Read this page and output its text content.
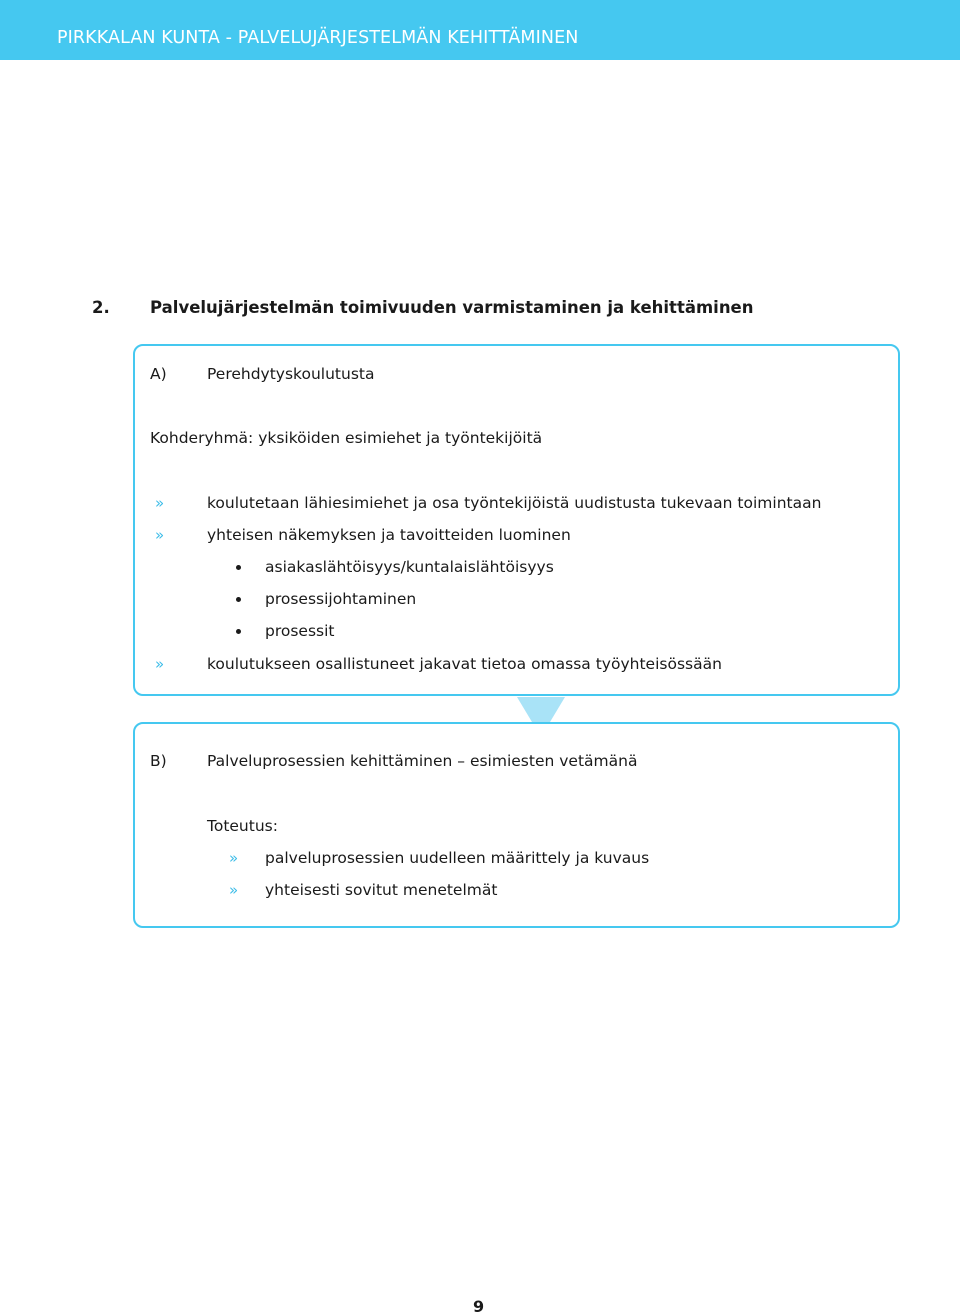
PIRKKALAN KUNTA - PALVELUJÄRJESTELMÄN KEHITTÄMINEN
2. Palvelujärjestelmän toimivuuden varmistaminen ja kehittäminen
A)	Perehdytyskoulutusta
Kohderyhmä: yksiköiden esimiehet ja työntekijöitä
»	koulutetaan lähiesimiehet ja osa työntekijöistä uudistusta tukevaan toimintaan
»	yhteisen näkemyksen ja tavoitteiden luominen
asiakaslähtöisyys/kuntalaislähtöisyys
prosessijohtaminen
prosessit
»	koulutukseen osallistuneet jakavat tietoa omassa työyhteisössään
B)	Palveluprosessien kehittäminen – esimiesten vetämänä
Toteutus:
» palveluprosessien uudelleen määrittely ja kuvaus
» yhteisesti sovitut menetelmät
9
